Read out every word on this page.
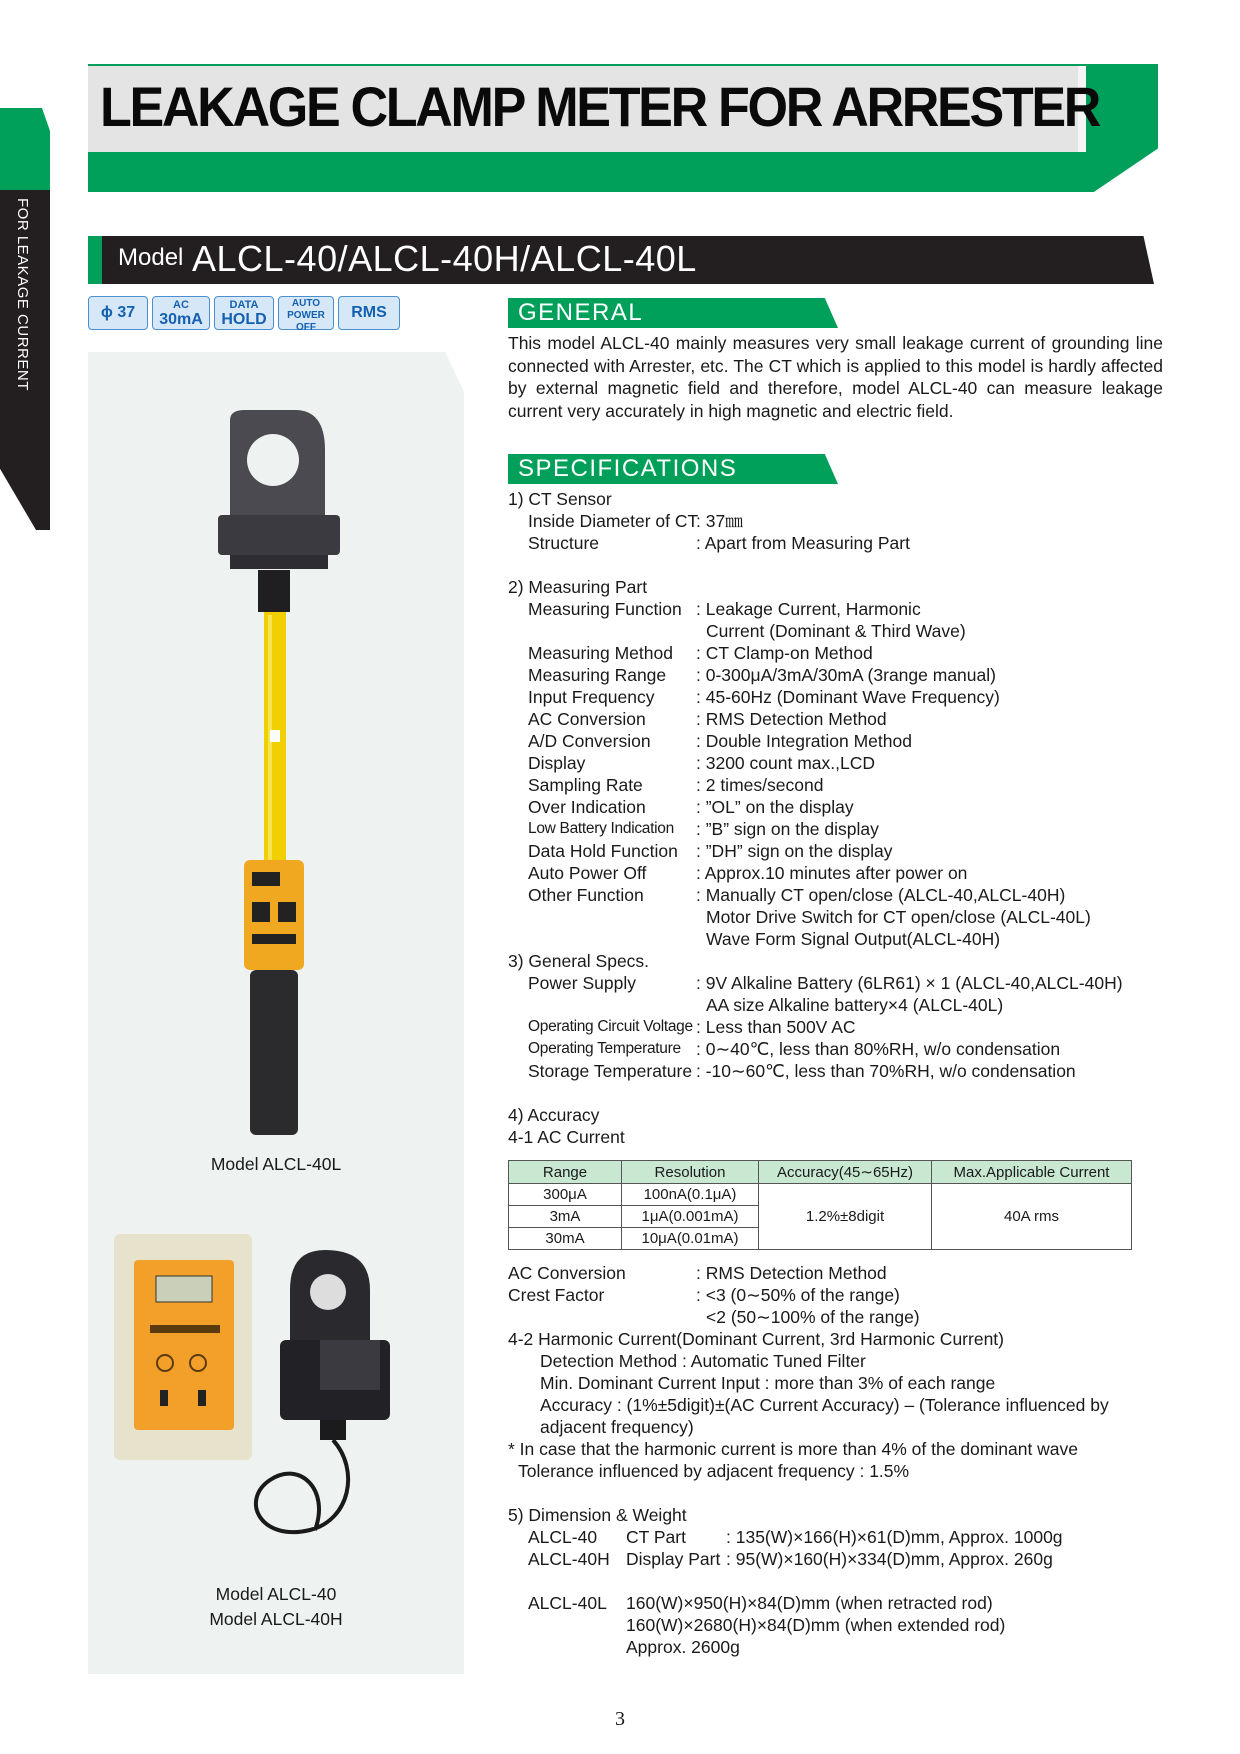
FOR LEAKAGE CURRENT
LEAKAGE CLAMP METER FOR ARRESTER
Model ALCL-40/ALCL-40H/ALCL-40L
ϕ 37	AC
30mA
DATA
HOLD
AUTO
POWER
OFF
RMS
Model ALCL-40L
Model ALCL-40
Model ALCL-40H
GENERAL
This model ALCL-40 mainly measures very small leakage current of grounding line connected with Arrester, etc. The CT which is applied to this model is hardly affected by external magnetic field and therefore, model ALCL-40 can measure leakage current very accurately in high magnetic and electric field.
SPECIFICATIONS
1) CT Sensor
Inside Diameter of CT
: 37㎜
Structure	: Apart from Measuring Part
2) Measuring Part
Measuring Function : Leakage Current, Harmonic
Current (Dominant & Third Wave)
Measuring Method : CT Clamp-on Method
Measuring Range : 0-300μA/3mA/30mA (3range manual)
Input Frequency : 45-60Hz (Dominant Wave Frequency)
AC Conversion	: RMS Detection Method
A/D Conversion	: Double Integration Method
Display	: 3200 count max.,LCD
Sampling Rate	: 2 times/second
Over Indication	: ”OL” on the display
Low Battery Indication : ”B” sign on the display
Data Hold Function : ”DH” sign on the display
Auto Power Off	: Approx.10 minutes after power on
Other Function	: Manually CT open/close (ALCL-40,ALCL-40H)
Motor Drive Switch for CT open/close (ALCL-40L)
Wave Form Signal Output(ALCL-40H)
3) General Specs.
Power Supply	: 9V Alkaline Battery (6LR61) × 1 (ALCL-40,ALCL-40H)
AA size Alkaline battery×4 (ALCL-40L)
Operating Circuit Voltage : Less than 500V AC
Operating Temperature : 0∼40℃, less than 80%RH, w/o condensation
Storage Temperature : -10∼60℃, less than 70%RH, w/o condensation
4) Accuracy
4-1 AC Current
Range	Resolution	Accuracy(45∼65Hz)	Max.Applicable Current
300μA	100nA(0.1μA)	1.2%±8digit	40A rms
3mA	1μA(0.001mA)		
30mA	10μA(0.01mA)		
AC Conversion	: RMS Detection Method
Crest Factor	: <3 (0∼50% of the range)
<2 (50∼100% of the range)
4-2 Harmonic Current(Dominant Current, 3rd Harmonic Current)
Detection Method : Automatic Tuned Filter
Min. Dominant Current Input : more than 3% of each range
Accuracy : (1%±5digit)±(AC Current Accuracy) – (Tolerance influenced by
adjacent frequency)
* In case that the harmonic current is more than 4% of the dominant wave
Tolerance influenced by adjacent frequency : 1.5%
5) Dimension & Weight
ALCL-40 CT Part : 135(W)×166(H)×61(D)mm, Approx. 1000g
ALCL-40H Display Part : 95(W)×160(H)×334(D)mm, Approx. 260g
ALCL-40L 160(W)×950(H)×84(D)mm (when retracted rod)
160(W)×2680(H)×84(D)mm (when extended rod)
Approx. 2600g
3
